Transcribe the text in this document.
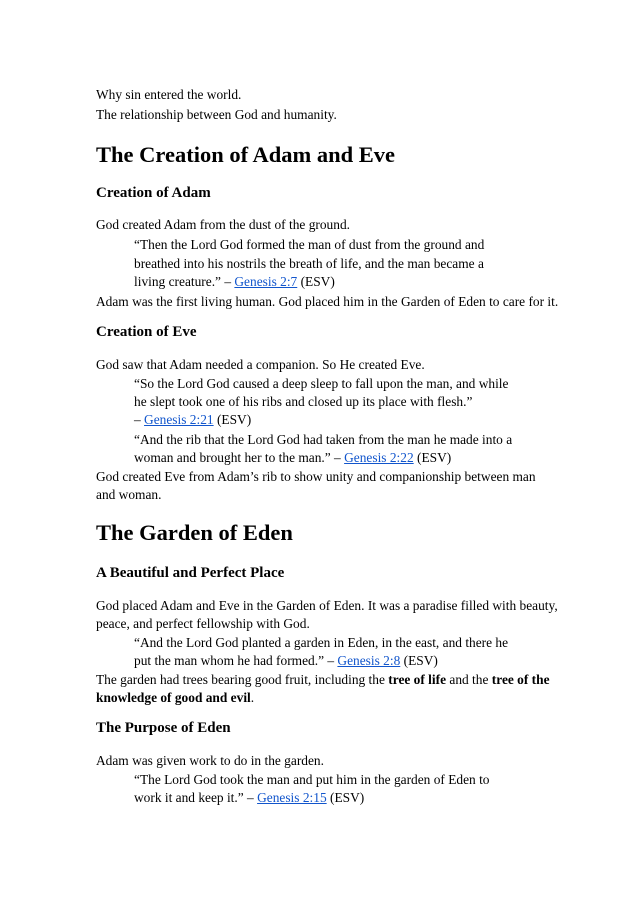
Why sin entered the world.

The relationship between God and humanity.

The Creation of Adam and Eve
Creation of Adam

God created Adam from the dust of the ground.

“Then the Lord God formed the man of dust from the ground and

breathed into his nostrils the breath of life, and the man became a

living creature.” – Genesis 2:7 (ESV)

Adam was the first living human. God placed him in the Garden of Eden to care for it.

Creation of Eve

God saw that Adam needed a companion. So He created Eve.

“So the Lord God caused a deep sleep to fall upon the man, and while

he slept took one of his ribs and closed up its place with flesh.”

– Genesis 2:21 (ESV)

“And the rib that the Lord God had taken from the man he made into a

woman and brought her to the man.” – Genesis 2:22 (ESV)

God created Eve from Adam’s rib to show unity and companionship between man

and woman.

The Garden of Eden
A Beautiful and Perfect Place

God placed Adam and Eve in the Garden of Eden. It was a paradise filled with beauty,

peace, and perfect fellowship with God.

“And the Lord God planted a garden in Eden, in the east, and there he

put the man whom he had formed.” – Genesis 2:8 (ESV)

The garden had trees bearing good fruit, including the tree of life and the tree of the

knowledge of good and evil.

The Purpose of Eden

Adam was given work to do in the garden.

“The Lord God took the man and put him in the garden of Eden to

work it and keep it.” – Genesis 2:15 (ESV)
